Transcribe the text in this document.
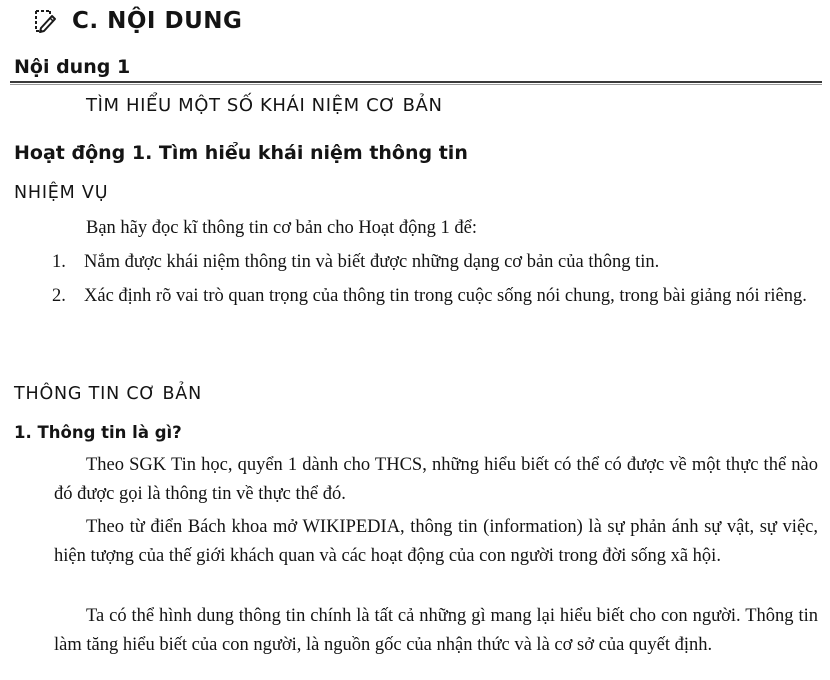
C. NỘI DUNG
Nội dung 1
TÌM HIỂU MỘT SỐ KHÁI NIỆM CƠ BẢN
Hoạt động 1. Tìm hiểu khái niệm thông tin
NHIỆM VỤ
Bạn hãy đọc kĩ thông tin cơ bản cho Hoạt động 1 để:
1. Nắm được khái niệm thông tin và biết được những dạng cơ bản của thông tin.
2. Xác định rõ vai trò quan trọng của thông tin trong cuộc sống nói chung, trong bài giảng nói riêng.
THÔNG TIN CƠ BẢN
1. Thông tin là gì?

Theo SGK Tin học, quyển 1 dành cho THCS, những hiểu biết có thể có được về một thực thể nào đó được gọi là thông tin về thực thể đó.

Theo từ điển Bách khoa mở WIKIPEDIA, thông tin (information) là sự phản ánh sự vật, sự việc, hiện tượng của thế giới khách quan và các hoạt động của con người trong đời sống xã hội.

Ta có thể hình dung thông tin chính là tất cả những gì mang lại hiểu biết cho con người. Thông tin làm tăng hiểu biết của con người, là nguồn gốc của nhận thức và là cơ sở của quyết định.
